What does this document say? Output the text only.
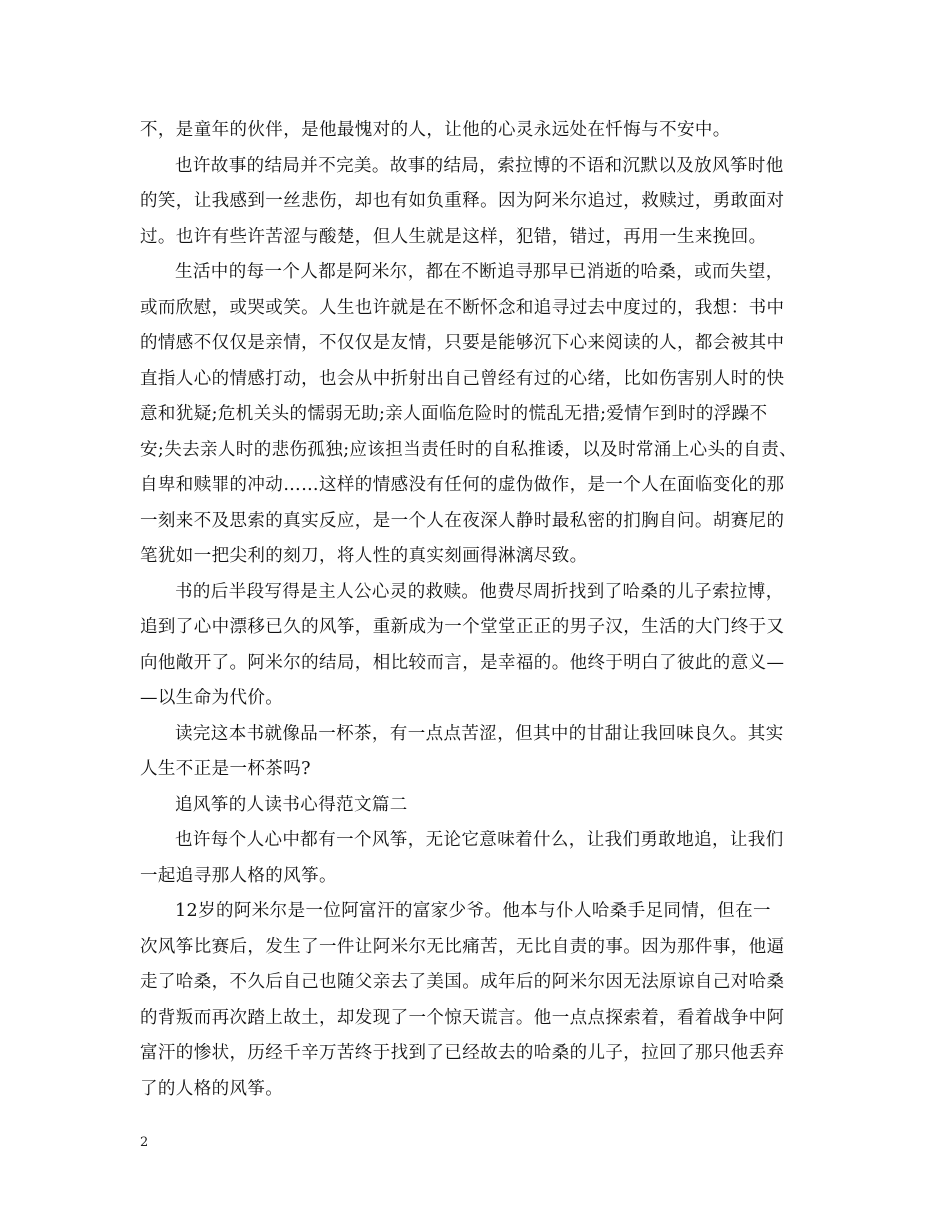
不，是童年的伙伴，是他最愧对的人，让他的心灵永远处在忏悔与不安中。
也许故事的结局并不完美。故事的结局，索拉博的不语和沉默以及放风筝时他
的笑，让我感到一丝悲伤，却也有如负重释。因为阿米尔追过，救赎过，勇敢面对
过。也许有些许苦涩与酸楚，但人生就是这样，犯错，错过，再用一生来挽回。
生活中的每一个人都是阿米尔，都在不断追寻那早已消逝的哈桑，或而失望，
或而欣慰，或哭或笑。人生也许就是在不断怀念和追寻过去中度过的，我想：书中
的情感不仅仅是亲情，不仅仅是友情，只要是能够沉下心来阅读的人，都会被其中
直指人心的情感打动，也会从中折射出自己曾经有过的心绪，比如伤害别人时的快
意和犹疑;危机关头的懦弱无助;亲人面临危险时的慌乱无措;爱情乍到时的浮躁不
安;失去亲人时的悲伤孤独;应该担当责任时的自私推诿，以及时常涌上心头的自责、
自卑和赎罪的冲动……这样的情感没有任何的虚伪做作，是一个人在面临变化的那
一刻来不及思索的真实反应，是一个人在夜深人静时最私密的扪胸自问。胡赛尼的
笔犹如一把尖利的刻刀，将人性的真实刻画得淋漓尽致。
书的后半段写得是主人公心灵的救赎。他费尽周折找到了哈桑的儿子索拉博，
追到了心中漂移已久的风筝，重新成为一个堂堂正正的男子汉，生活的大门终于又
向他敞开了。阿米尔的结局，相比较而言，是幸福的。他终于明白了彼此的意义—
—以生命为代价。
读完这本书就像品一杯茶，有一点点苦涩，但其中的甘甜让我回味良久。其实
人生不正是一杯茶吗?
追风筝的人读书心得范文篇二
也许每个人心中都有一个风筝，无论它意味着什么，让我们勇敢地追，让我们
一起追寻那人格的风筝。
12岁的阿米尔是一位阿富汗的富家少爷。他本与仆人哈桑手足同情，但在一
次风筝比赛后，发生了一件让阿米尔无比痛苦，无比自责的事。因为那件事，他逼
走了哈桑，不久后自己也随父亲去了美国。成年后的阿米尔因无法原谅自己对哈桑
的背叛而再次踏上故土，却发现了一个惊天谎言。他一点点探索着，看着战争中阿
富汗的惨状，历经千辛万苦终于找到了已经故去的哈桑的儿子，拉回了那只他丢弃
了的人格的风筝。
2
